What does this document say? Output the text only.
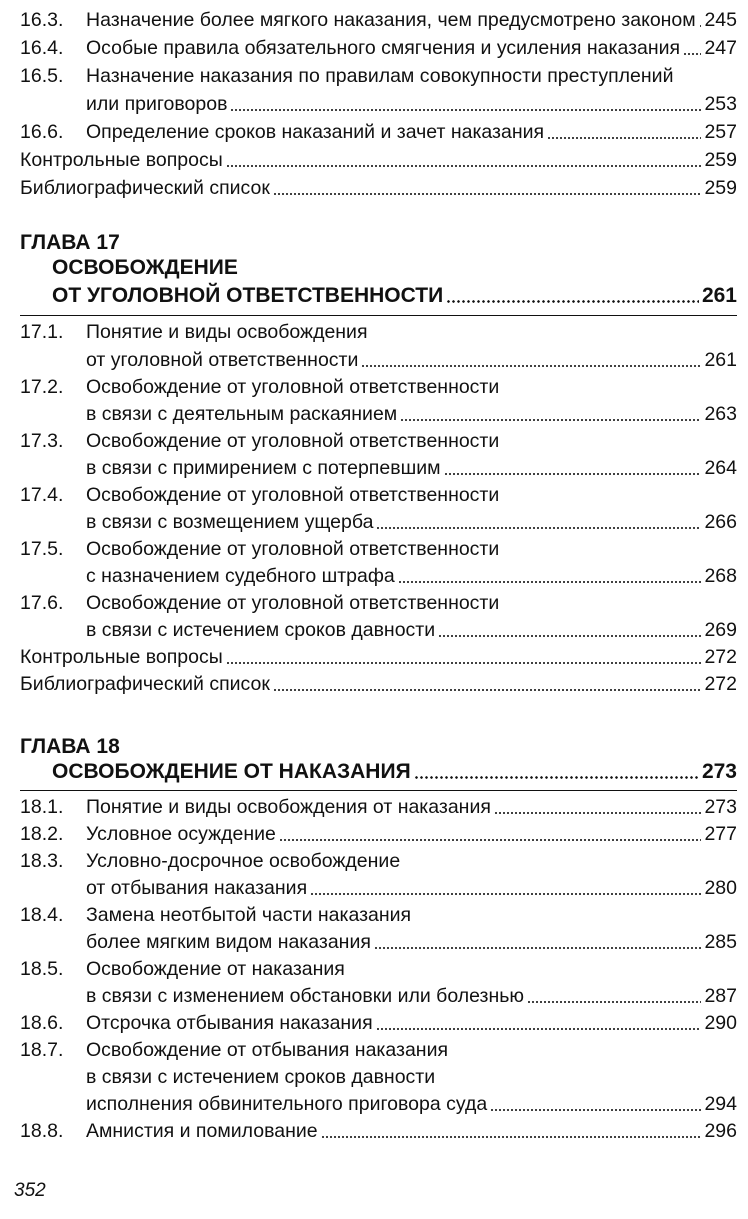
16.3.	Назначение более мягкого наказания, чем предусмотрено законом 245
16.4.	Особые правила обязательного смягчения и усиления наказания 247
16.5.	Назначение наказания по правилам совокупности преступлений
или приговоров	253
16.6.	Определение сроков наказаний и зачет наказания	257
Контрольные вопросы	259
Библиографический список	259
ГЛАВА 17
ОСВОБОЖДЕНИЕ
ОТ УГОЛОВНОЙ ОТВЕТСТВЕННОСТИ	261
17.1.	Понятие и виды освобождения
от уголовной ответственности	261
17.2.	Освобождение от уголовной ответственности
в связи с деятельным раскаянием	263
17.3.	Освобождение от уголовной ответственности
в связи с примирением с потерпевшим	264
17.4.	Освобождение от уголовной ответственности
в связи с возмещением ущерба	266
17.5.	Освобождение от уголовной ответственности
с назначением судебного штрафа	268
17.6.	Освобождение от уголовной ответственности
в связи с истечением сроков давности	269
Контрольные вопросы	272
Библиографический список	272
ГЛАВА 18
ОСВОБОЖДЕНИЕ ОТ НАКАЗАНИЯ	273
18.1.	Понятие и виды освобождения от наказания	273
18.2.	Условное осуждение	277
18.3.	Условно-досрочное освобождение
от отбывания наказания	280
18.4.	Замена неотбытой части наказания
более мягким видом наказания	285
18.5.	Освобождение от наказания
в связи с изменением обстановки или болезнью	287
18.6.	Отсрочка отбывания наказания	290
18.7.	Освобождение от отбывания наказания
в связи с истечением сроков давности
исполнения обвинительного приговора суда	294
18.8.	Амнистия и помилование	296
352
